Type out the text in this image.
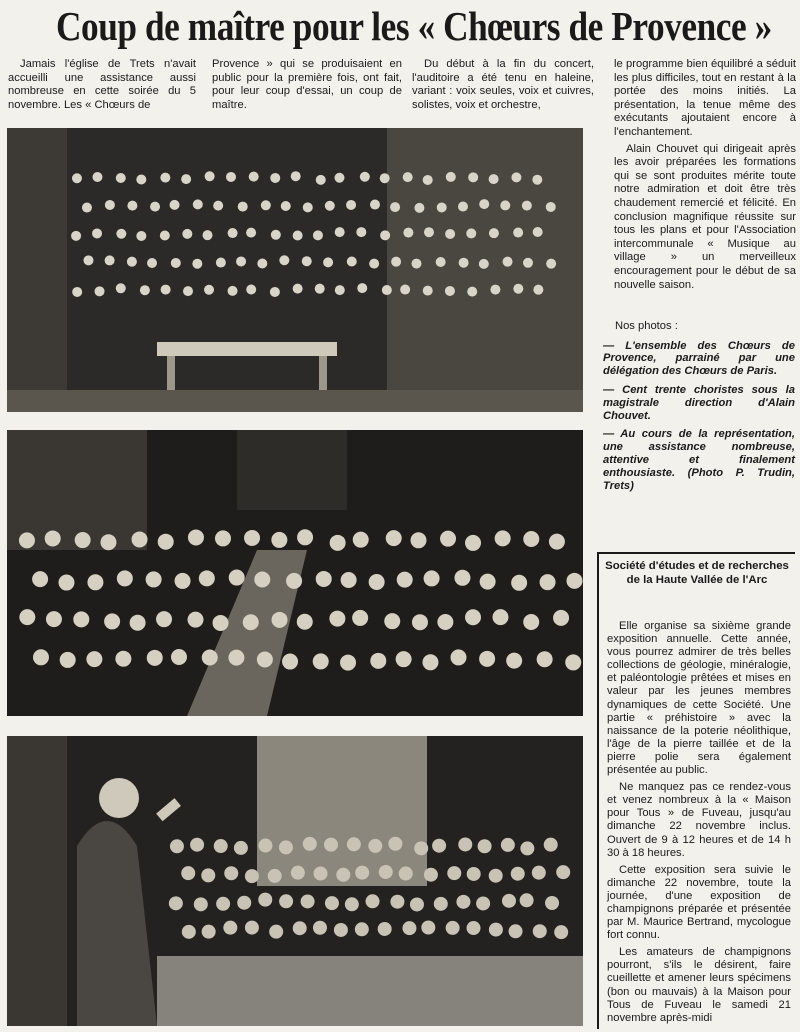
Coup de maître pour les « Chœurs de Provence »

Jamais l'église de Trets n'avait accueilli une assistance aussi nombreuse en cette soirée du 5 novembre. Les « Chœurs de

Provence » qui se produisaient en public pour la première fois, ont fait, pour leur coup d'essai, un coup de maître.

Du début à la fin du concert, l'auditoire a été tenu en haleine, variant : voix seules, voix et cuivres, solistes, voix et orchestre,

le programme bien équilibré a séduit les plus difficiles, tout en restant à la portée des moins initiés. La présentation, la tenue même des exécutants ajoutaient encore à l'enchantement.

Alain Chouvet qui dirigeait après les avoir préparées les formations qui se sont produites mérite toute notre admiration et doit être très chaudement remercié et félicité. En conclusion magnifique réussite sur tous les plans et pour l'Association intercommunale « Musique au village » un merveilleux encouragement pour le début de sa nouvelle saison.

Nos photos :

— L'ensemble des Chœurs de Provence, parrainé par une délégation des Chœurs de Paris.

— Cent trente choristes sous la magistrale direction d'Alain Chouvet.

— Au cours de la représentation, une assistance nombreuse, attentive et finalement enthousiaste. (Photo P. Trudin, Trets)

Société d'études et de recherches de la Haute Vallée de l'Arc

Elle organise sa sixième grande exposition annuelle. Cette année, vous pourrez admirer de très belles collections de géologie, minéralogie, et paléontologie prêtées et mises en valeur par les jeunes membres dynamiques de cette Société. Une partie « préhistoire » avec la naissance de la poterie néolithique, l'âge de la pierre taillée et de la pierre polie sera également présentée au public.

Ne manquez pas ce rendez-vous et venez nombreux à la « Maison pour Tous » de Fuveau, jusqu'au dimanche 22 novembre inclus. Ouvert de 9 à 12 heures et de 14 h 30 à 18 heures.

Cette exposition sera suivie le dimanche 22 novembre, toute la journée, d'une exposition de champignons préparée et présentée par M. Maurice Bertrand, mycologue fort connu.

Les amateurs de champignons pourront, s'ils le désirent, faire cueillette et amener leurs spécimens (bon ou mauvais) à la Maison pour Tous de Fuveau le samedi 21 novembre après-midi
